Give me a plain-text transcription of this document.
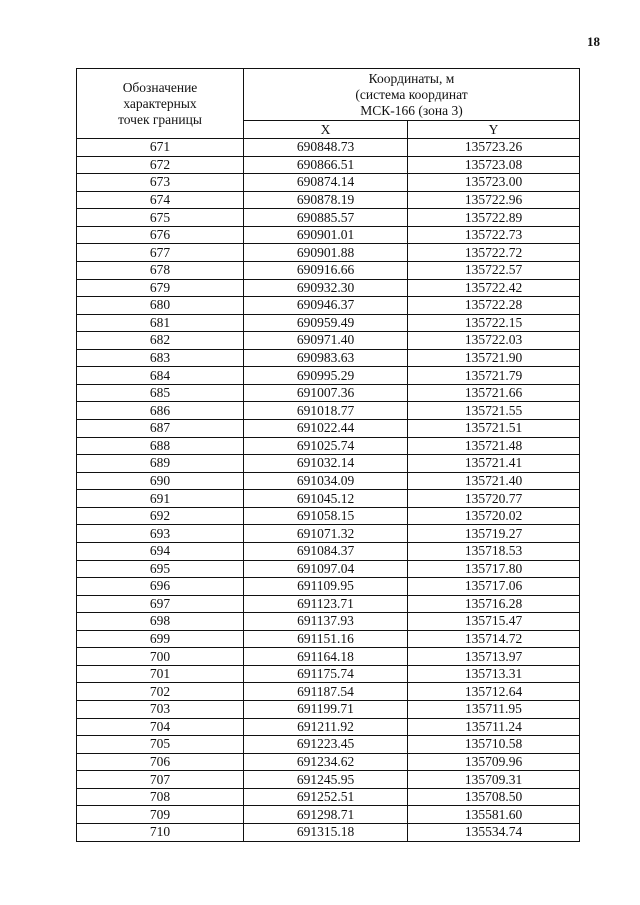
18
Обозначение
характерных
точек границы	Координаты, м
(система координат
МСК-166 (зона 3)	
	X	Y
671	690848.73	135723.26
672	690866.51	135723.08
673	690874.14	135723.00
674	690878.19	135722.96
675	690885.57	135722.89
676	690901.01	135722.73
677	690901.88	135722.72
678	690916.66	135722.57
679	690932.30	135722.42
680	690946.37	135722.28
681	690959.49	135722.15
682	690971.40	135722.03
683	690983.63	135721.90
684	690995.29	135721.79
685	691007.36	135721.66
686	691018.77	135721.55
687	691022.44	135721.51
688	691025.74	135721.48
689	691032.14	135721.41
690	691034.09	135721.40
691	691045.12	135720.77
692	691058.15	135720.02
693	691071.32	135719.27
694	691084.37	135718.53
695	691097.04	135717.80
696	691109.95	135717.06
697	691123.71	135716.28
698	691137.93	135715.47
699	691151.16	135714.72
700	691164.18	135713.97
701	691175.74	135713.31
702	691187.54	135712.64
703	691199.71	135711.95
704	691211.92	135711.24
705	691223.45	135710.58
706	691234.62	135709.96
707	691245.95	135709.31
708	691252.51	135708.50
709	691298.71	135581.60
710	691315.18	135534.74
